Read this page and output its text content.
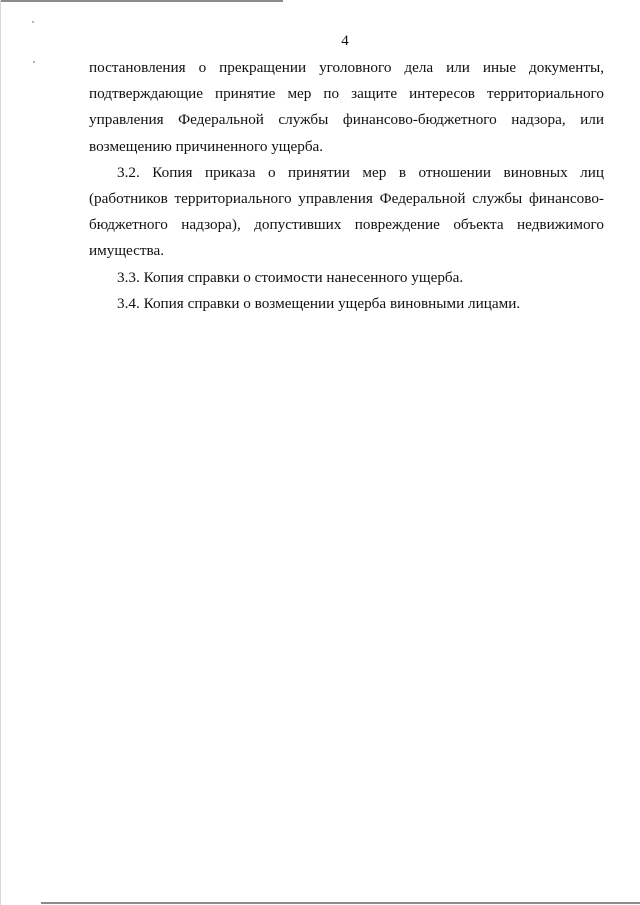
4

постановления о прекращении уголовного дела или иные документы, подтверждающие принятие мер по защите интересов территориального управления Федеральной службы финансово-бюджетного надзора, или возмещению причиненного ущерба.

3.2. Копия приказа о принятии мер в отношении виновных лиц (работников территориального управления Федеральной службы финансово-бюджетного надзора), допустивших повреждение объекта недвижимого имущества.

3.3. Копия справки о стоимости нанесенного ущерба.

3.4. Копия справки о возмещении ущерба виновными лицами.
